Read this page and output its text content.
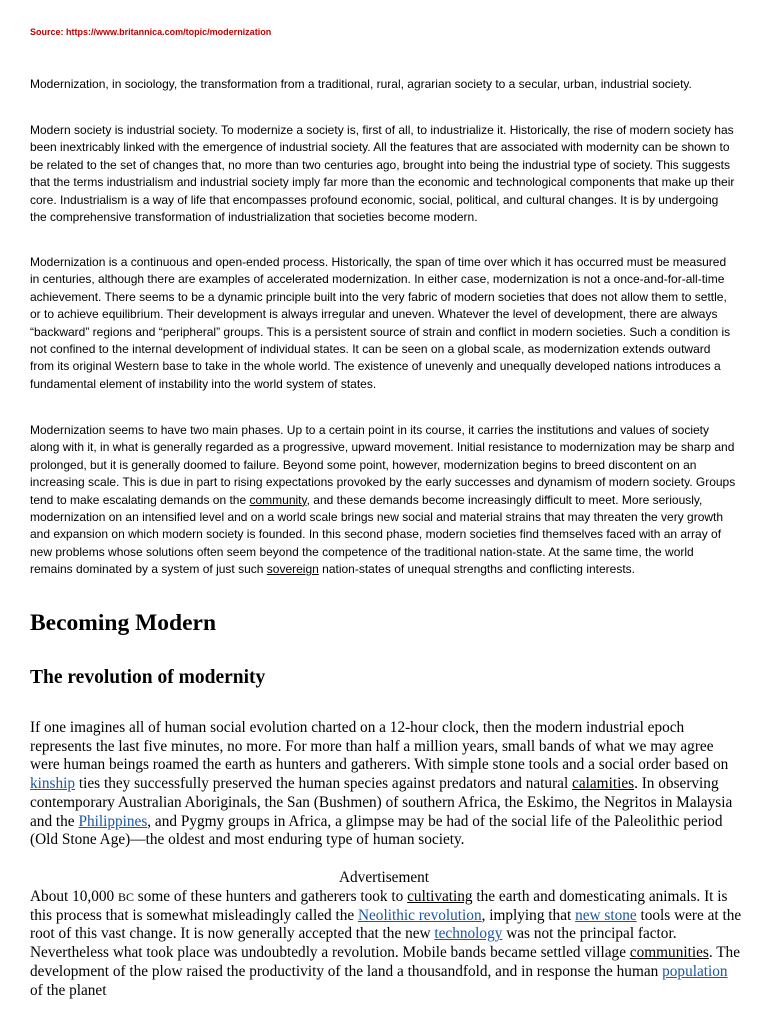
Source: https://www.britannica.com/topic/modernization

Modernization, in sociology, the transformation from a traditional, rural, agrarian society to a secular, urban, industrial society.

Modern society is industrial society. To modernize a society is, first of all, to industrialize it. Historically, the rise of modern society has been inextricably linked with the emergence of industrial society. All the features that are associated with modernity can be shown to be related to the set of changes that, no more than two centuries ago, brought into being the industrial type of society. This suggests that the terms industrialism and industrial society imply far more than the economic and technological components that make up their core. Industrialism is a way of life that encompasses profound economic, social, political, and cultural changes. It is by undergoing the comprehensive transformation of industrialization that societies become modern.

Modernization is a continuous and open-ended process. Historically, the span of time over which it has occurred must be measured in centuries, although there are examples of accelerated modernization. In either case, modernization is not a once-and-for-all-time achievement. There seems to be a dynamic principle built into the very fabric of modern societies that does not allow them to settle, or to achieve equilibrium. Their development is always irregular and uneven. Whatever the level of development, there are always “backward” regions and “peripheral” groups. This is a persistent source of strain and conflict in modern societies. Such a condition is not confined to the internal development of individual states. It can be seen on a global scale, as modernization extends outward from its original Western base to take in the whole world. The existence of unevenly and unequally developed nations introduces a fundamental element of instability into the world system of states.

Modernization seems to have two main phases. Up to a certain point in its course, it carries the institutions and values of society along with it, in what is generally regarded as a progressive, upward movement. Initial resistance to modernization may be sharp and prolonged, but it is generally doomed to failure. Beyond some point, however, modernization begins to breed discontent on an increasing scale. This is due in part to rising expectations provoked by the early successes and dynamism of modern society. Groups tend to make escalating demands on the community, and these demands become increasingly difficult to meet. More seriously, modernization on an intensified level and on a world scale brings new social and material strains that may threaten the very growth and expansion on which modern society is founded. In this second phase, modern societies find themselves faced with an array of new problems whose solutions often seem beyond the competence of the traditional nation-state. At the same time, the world remains dominated by a system of just such sovereign nation-states of unequal strengths and conflicting interests.

Becoming Modern
The revolution of modernity

If one imagines all of human social evolution charted on a 12-hour clock, then the modern industrial epoch represents the last five minutes, no more. For more than half a million years, small bands of what we may agree were human beings roamed the earth as hunters and gatherers. With simple stone tools and a social order based on kinship ties they successfully preserved the human species against predators and natural calamities. In observing contemporary Australian Aboriginals, the San (Bushmen) of southern Africa, the Eskimo, the Negritos in Malaysia and the Philippines, and Pygmy groups in Africa, a glimpse may be had of the social life of the Paleolithic period (Old Stone Age)—the oldest and most enduring type of human society.

Advertisement

About 10,000 BC some of these hunters and gatherers took to cultivating the earth and domesticating animals. It is this process that is somewhat misleadingly called the Neolithic revolution, implying that new stone tools were at the root of this vast change. It is now generally accepted that the new technology was not the principal factor. Nevertheless what took place was undoubtedly a revolution. Mobile bands became settled village communities. The development of the plow raised the productivity of the land a thousandfold, and in response the human population of the planet
